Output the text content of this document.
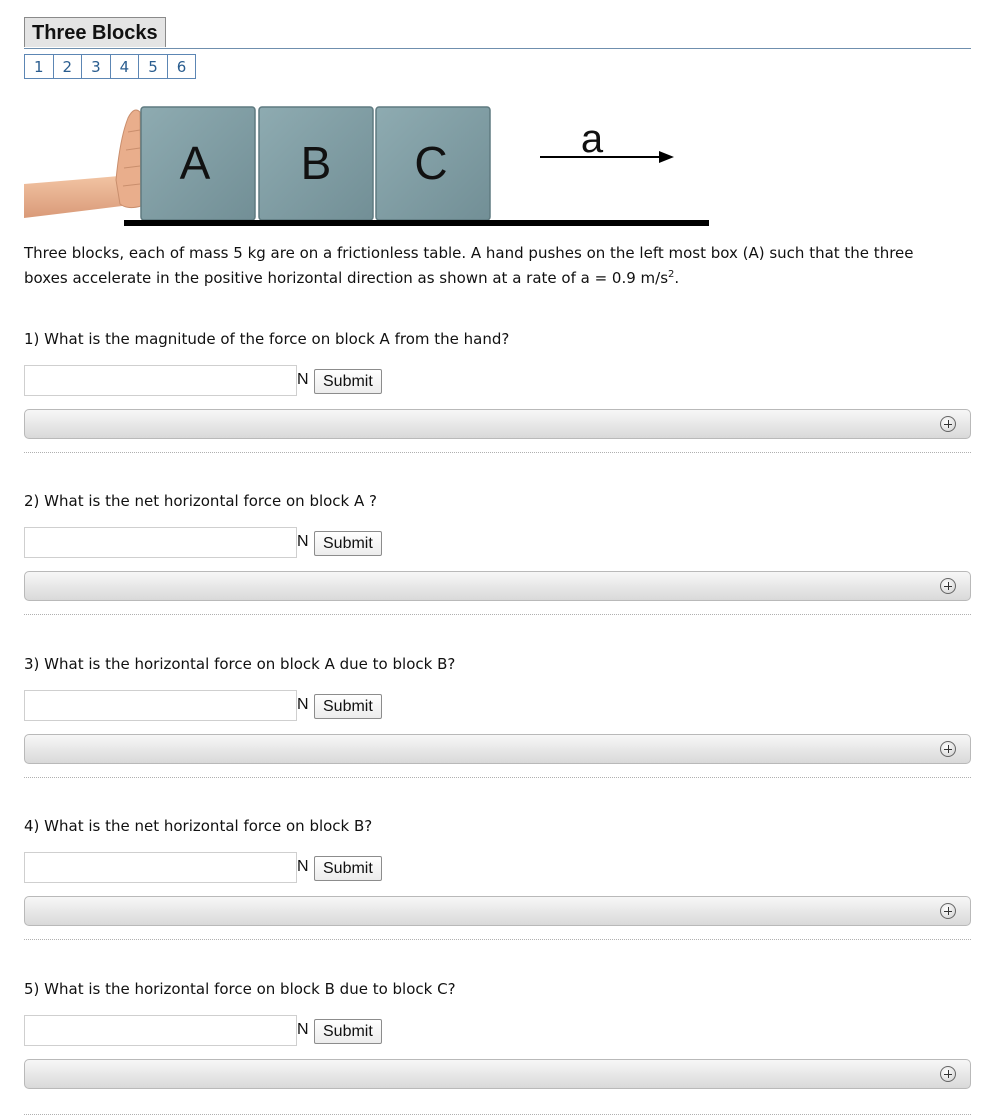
Three Blocks
1	2	3	4	5	6
A B C	a
Three blocks, each of mass 5 kg are on a frictionless table. A hand pushes on the left most box (A) such that the three
boxes accelerate in the positive horizontal direction as shown at a rate of a = 0.9 $m/s^2$.
1) What is the magnitude of the force on block A from the hand?
N Submit
2) What is the net horizontal force on block A ?
N Submit
3) What is the horizontal force on block A due to block B?
N Submit
4) What is the net horizontal force on block B?
N Submit
5) What is the horizontal force on block B due to block C?
N Submit
